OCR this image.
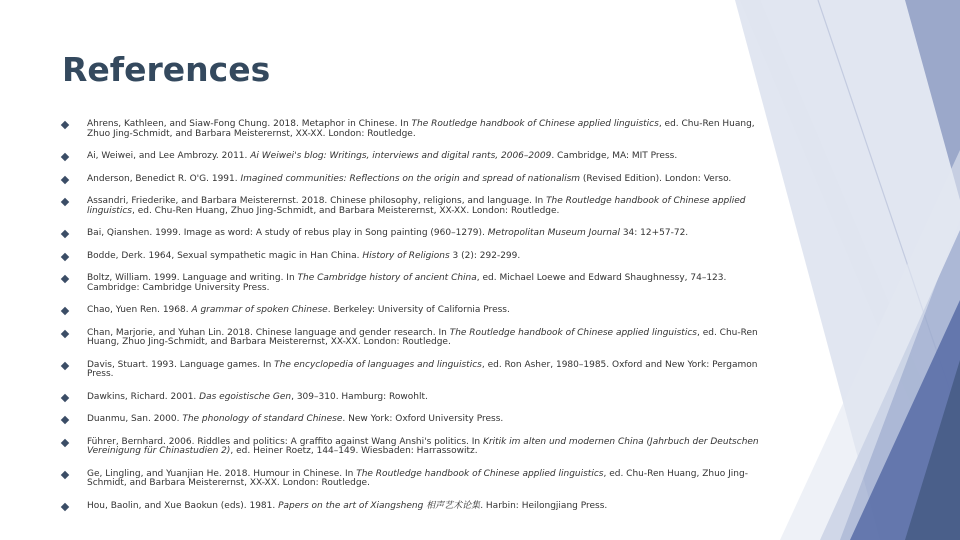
References
Ahrens, Kathleen, and Siaw-Fong Chung. 2018. Metaphor in Chinese. In The Routledge handbook of Chinese applied linguistics, ed. Chu-Ren Huang, Zhuo Jing-Schmidt, and Barbara Meisterernst, XX-XX. London: Routledge.
Ai, Weiwei, and Lee Ambrozy. 2011. Ai Weiwei's blog: Writings, interviews and digital rants, 2006–2009. Cambridge, MA: MIT Press.
Anderson, Benedict R. O'G. 1991. Imagined communities: Reflections on the origin and spread of nationalism (Revised Edition). London: Verso.
Assandri, Friederike, and Barbara Meisterernst. 2018. Chinese philosophy, religions, and language. In The Routledge handbook of Chinese applied linguistics, ed. Chu-Ren Huang, Zhuo Jing-Schmidt, and Barbara Meisterernst, XX-XX. London: Routledge.
Bai, Qianshen. 1999. Image as word: A study of rebus play in Song painting (960–1279). Metropolitan Museum Journal 34: 12+57-72.
Bodde, Derk. 1964, Sexual sympathetic magic in Han China. History of Religions 3 (2): 292-299.
Boltz, William. 1999. Language and writing. In The Cambridge history of ancient China, ed. Michael Loewe and Edward Shaughnessy, 74–123. Cambridge: Cambridge University Press.
Chao, Yuen Ren. 1968. A grammar of spoken Chinese. Berkeley: University of California Press.
Chan, Marjorie, and Yuhan Lin. 2018. Chinese language and gender research. In The Routledge handbook of Chinese applied linguistics, ed. Chu-Ren Huang, Zhuo Jing-Schmidt, and Barbara Meisterernst, XX-XX. London: Routledge.
Davis, Stuart. 1993. Language games. In The encyclopedia of languages and linguistics, ed. Ron Asher, 1980–1985. Oxford and New York: Pergamon Press.
Dawkins, Richard. 2001. Das egoistische Gen, 309–310. Hamburg: Rowohlt.
Duanmu, San. 2000. The phonology of standard Chinese. New York: Oxford University Press.
Führer, Bernhard. 2006. Riddles and politics: A graffito against Wang Anshi's politics. In Kritik im alten und modernen China (Jahrbuch der Deutschen Vereinigung für Chinastudien 2), ed. Heiner Roetz, 144–149. Wiesbaden: Harrassowitz.
Ge, Lingling, and Yuanjian He. 2018. Humour in Chinese. In The Routledge handbook of Chinese applied linguistics, ed. Chu-Ren Huang, Zhuo Jing-Schmidt, and Barbara Meisterernst, XX-XX. London: Routledge.
Hou, Baolin, and Xue Baokun (eds). 1981. Papers on the art of Xiangsheng 相声艺术论集. Harbin: Heilongjiang Press.
